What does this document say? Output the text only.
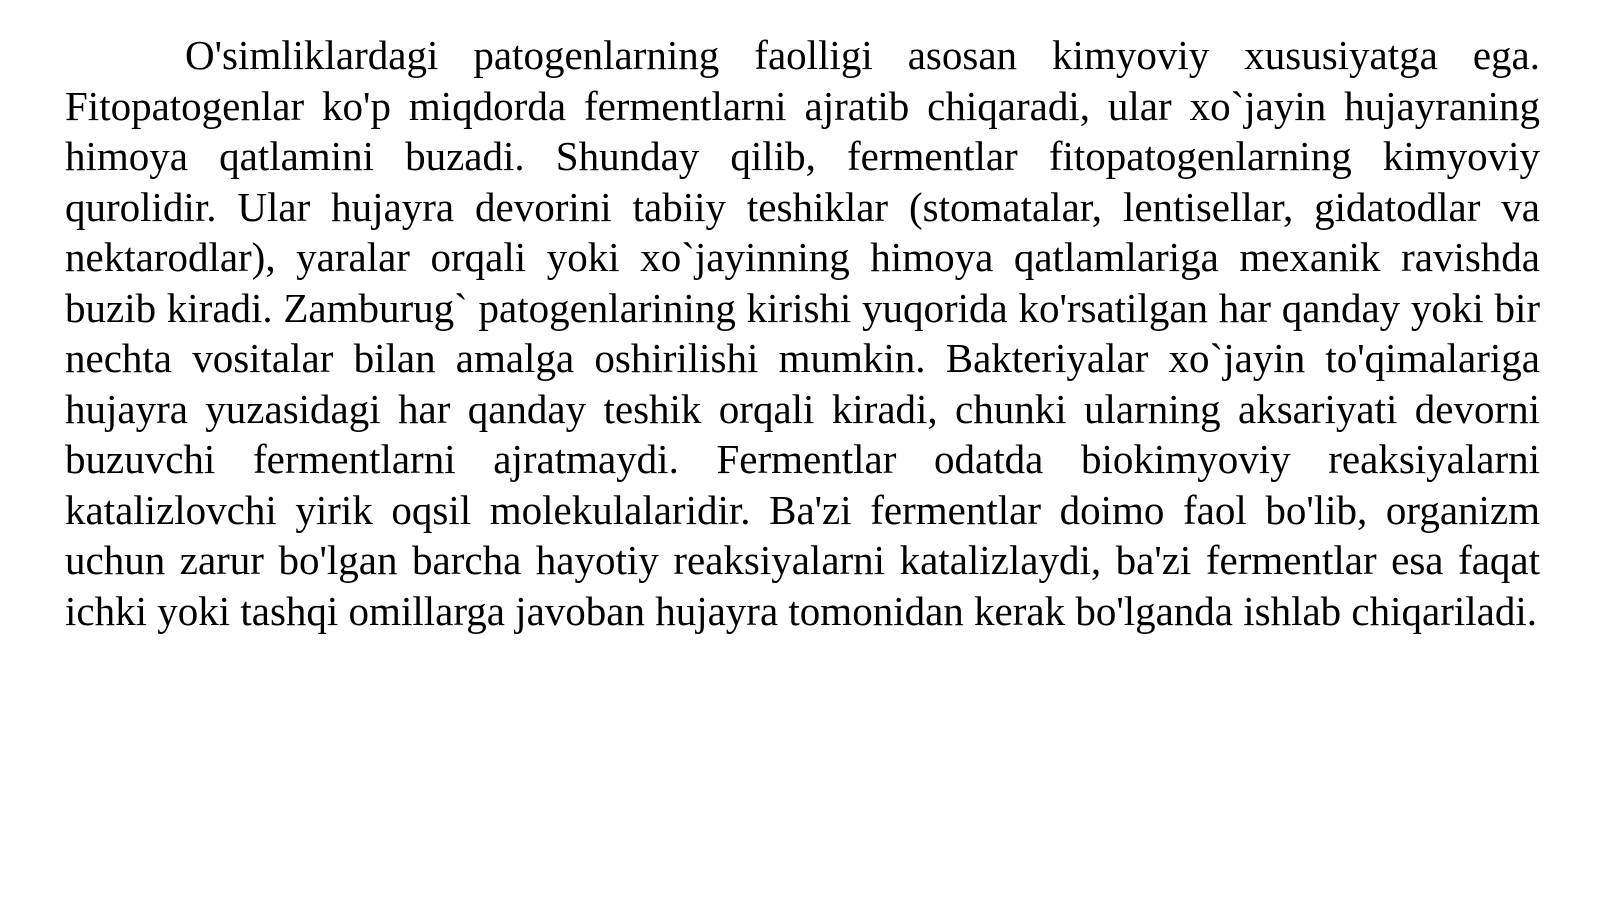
O'simliklardagi patogenlarning faolligi asosan kimyoviy xususiyatga ega. Fitopatogenlar ko'p miqdorda fermentlarni ajratib chiqaradi, ular xo`jayin hujayraning himoya qatlamini buzadi. Shunday qilib, fermentlar fitopatogenlarning kimyoviy qurolidir. Ular hujayra devorini tabiiy teshiklar (stomatalar, lentisellar, gidatodlar va nektarodlar), yaralar orqali yoki xo`jayinning himoya qatlamlariga mexanik ravishda buzib kiradi. Zamburug` patogenlarining kirishi yuqorida ko'rsatilgan har qanday yoki bir nechta vositalar bilan amalga oshirilishi mumkin. Bakteriyalar xo`jayin to'qimalariga hujayra yuzasidagi har qanday teshik orqali kiradi, chunki ularning aksariyati devorni buzuvchi fermentlarni ajratmaydi. Fermentlar odatda biokimyoviy reaksiyalarni katalizlovchi yirik oqsil molekulalaridir. Ba'zi fermentlar doimo faol bo'lib, organizm uchun zarur bo'lgan barcha hayotiy reaksiyalarni katalizlaydi, ba'zi fermentlar esa faqat ichki yoki tashqi omillarga javoban hujayra tomonidan kerak bo'lganda ishlab chiqariladi.
